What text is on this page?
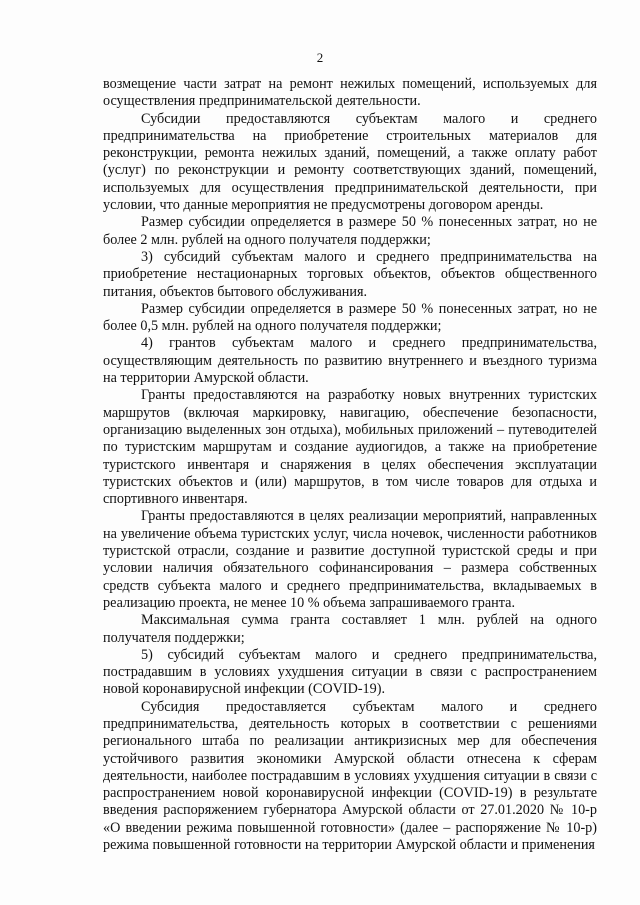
2

возмещение части затрат на ремонт нежилых помещений, используемых для осуществления предпринимательской деятельности.

Субсидии предоставляются субъектам малого и среднего предпринимательства на приобретение строительных материалов для реконструкции, ремонта нежилых зданий, помещений, а также оплату работ (услуг) по реконструкции и ремонту соответствующих зданий, помещений, используемых для осуществления предпринимательской деятельности, при условии, что данные мероприятия не предусмотрены договором аренды.

Размер субсидии определяется в размере 50 % понесенных затрат, но не более 2 млн. рублей на одного получателя поддержки;

3) субсидий субъектам малого и среднего предпринимательства на приобретение нестационарных торговых объектов, объектов общественного питания, объектов бытового обслуживания.

Размер субсидии определяется в размере 50 % понесенных затрат, но не более 0,5 млн. рублей на одного получателя поддержки;

4) грантов субъектам малого и среднего предпринимательства, осуществляющим деятельность по развитию внутреннего и въездного туризма на территории Амурской области.

Гранты предоставляются на разработку новых внутренних туристских маршрутов (включая маркировку, навигацию, обеспечение безопасности, организацию выделенных зон отдыха), мобильных приложений – путеводителей по туристским маршрутам и создание аудиогидов, а также на приобретение туристского инвентаря и снаряжения в целях обеспечения эксплуатации туристских объектов и (или) маршрутов, в том числе товаров для отдыха и спортивного инвентаря.

Гранты предоставляются в целях реализации мероприятий, направленных на увеличение объема туристских услуг, числа ночевок, численности работников туристской отрасли, создание и развитие доступной туристской среды и при условии наличия обязательного софинансирования – размера собственных средств субъекта малого и среднего предпринимательства, вкладываемых в реализацию проекта, не менее 10 % объема запрашиваемого гранта.

Максимальная сумма гранта составляет 1 млн. рублей на одного получателя поддержки;

5) субсидий субъектам малого и среднего предпринимательства, пострадавшим в условиях ухудшения ситуации в связи с распространением новой коронавирусной инфекции (COVID-19).

Субсидия предоставляется субъектам малого и среднего предпринимательства, деятельность которых в соответствии с решениями регионального штаба по реализации антикризисных мер для обеспечения устойчивого развития экономики Амурской области отнесена к сферам деятельности, наиболее пострадавшим в условиях ухудшения ситуации в связи с распространением новой коронавирусной инфекции (COVID-19) в результате введения распоряжением губернатора Амурской области от 27.01.2020 № 10-р «О введении режима повышенной готовности» (далее – распоряжение № 10-р) режима повышенной готовности на территории Амурской области и применения
